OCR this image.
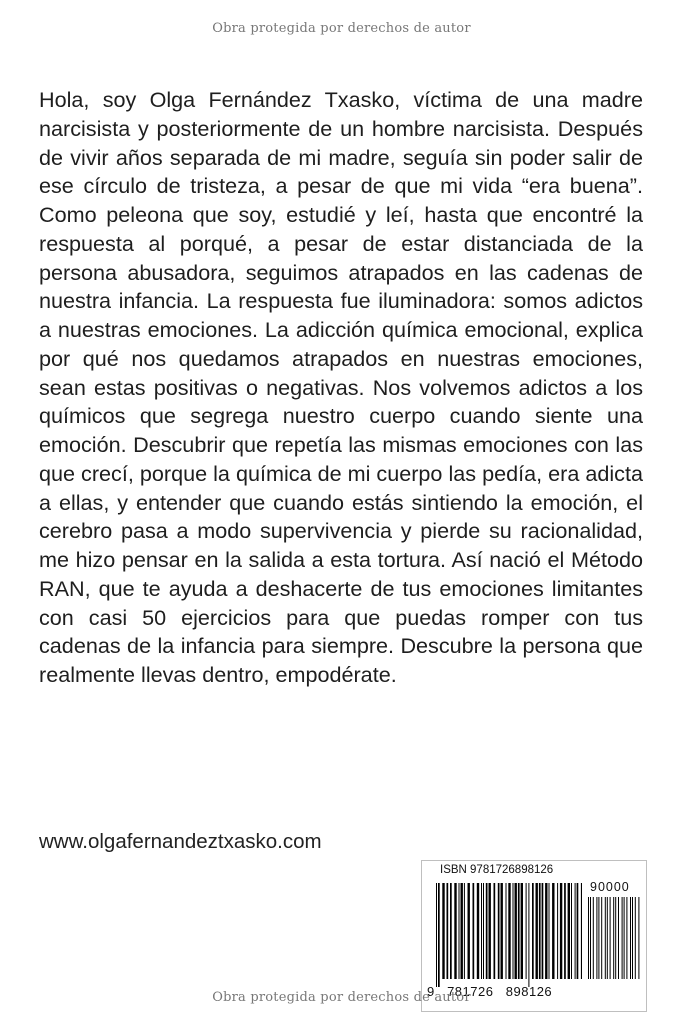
Obra protegida por derechos de autor

Hola, soy Olga Fernández Txasko, víctima de una madre narcisista y posteriormente de un hombre narcisista. Después de vivir años separada de mi madre, seguía sin poder salir de ese círculo de tristeza, a pesar de que mi vida “era buena”. Como peleona que soy, estudié y leí, hasta que encontré la respuesta al porqué, a pesar de estar distanciada de la persona abusadora, seguimos atrapados en las cadenas de nuestra infancia. La respuesta fue iluminadora: somos adictos a nuestras emociones. La adicción química emocional, explica por qué nos quedamos atrapados en nuestras emociones, sean estas positivas o negativas. Nos volvemos adictos a los químicos que segrega nuestro cuerpo cuando siente una emoción. Descubrir que repetía las mismas emociones con las que crecí, porque la química de mi cuerpo las pedía, era adicta a ellas, y entender que cuando estás sintiendo la emoción, el cerebro pasa a modo supervivencia y pierde su racionalidad, me hizo pensar en la salida a esta tortura. Así nació el Método RAN, que te ayuda a deshacerte de tus emociones limitantes con casi 50 ejercicios para que puedas romper con tus cadenas de la infancia para siempre. Descubre la persona que realmente llevas dentro, empodérate.

www.olgafernandeztxasko.com
ISBN 9781726898126
90000
9   781726   898126
Obra protegida por derechos de autor
